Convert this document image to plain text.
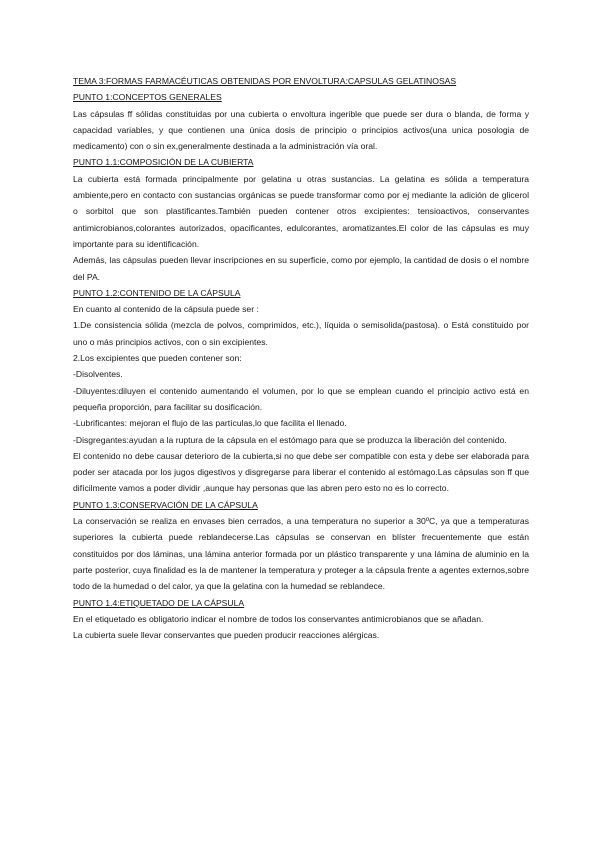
TEMA 3:FORMAS FARMACÉUTICAS OBTENIDAS POR ENVOLTURA:CAPSULAS GELATINOSAS
PUNTO 1:CONCEPTOS GENERALES

Las cápsulas ff sólidas constituidas por una cubierta o envoltura ingerible que puede ser dura o blanda, de forma y capacidad variables, y que contienen una única dosis de principio o principios activos(una unica posologia de medicamento) con o sin ex,generalmente destinada a la administración vía oral.

PUNTO 1.1:COMPOSICIÓN DE LA CUBIERTA

La cubierta está formada principalmente por gelatina u otras sustancias. La gelatina es sólida a temperatura ambiente,pero en contacto con sustancias orgánicas se puede transformar como por ej mediante la adición de glicerol o sorbitol que son plastificantes.También pueden contener otros excipientes: tensioactivos, conservantes antimicrobianos,colorantes autorizados, opacificantes, edulcorantes, aromatizantes.El color de las cápsulas es muy importante para su identificación.

Además, las cápsulas pueden llevar inscripciones en su superficie, como por ejemplo, la cantidad de dosis o el nombre del PA.

PUNTO 1.2:CONTENIDO DE LA CÁPSULA

En cuanto al contenido de la cápsula puede ser :

1.De consistencia sólida (mezcla de polvos, comprimidos, etc.), líquida o semisolida(pastosa). o Está constituido por uno o más principios activos, con o sin excipientes.

2.Los excipientes que pueden contener son:

-Disolventes.

-Diluyentes:diluyen el contenido aumentando el volumen, por lo que se emplean cuando el principio activo está en pequeña proporción, para facilitar su dosificación.

-Lubrificantes: mejoran el flujo de las partículas,lo que facilita el llenado.

-Disgregantes:ayudan a la ruptura de la cápsula en el estómago para que se produzca la liberación del contenido.

El contenido no debe causar deterioro de la cubierta,si no que debe ser compatible con esta y debe ser elaborada para poder ser atacada por los jugos digestivos y disgregarse para liberar el contenido al estómago.Las cápsulas son ff que difícilmente vamos a poder dividir ,aunque hay personas que las abren pero esto no es lo correcto.

PUNTO 1.3:CONSERVACIÓN DE LA CÁPSULA

La conservación se realiza en envases bien cerrados, a una temperatura no superior a 30ºC, ya que a temperaturas superiores la cubierta puede reblandecerse.Las cápsulas se conservan en blíster frecuentemente que están constituidos por dos láminas, una lámina anterior formada por un plástico transparente y una lámina de aluminio en la parte posterior, cuya finalidad es la de mantener la temperatura y proteger a la cápsula frente a agentes externos,sobre todo de la humedad o del calor, ya que la gelatina con la humedad se reblandece.

PUNTO 1.4:ETIQUETADO DE LA CÁPSULA

En el etiquetado es obligatorio indicar el nombre de todos los conservantes antimicrobianos que se añadan.

La cubierta suele llevar conservantes que pueden producir reacciones alérgicas.
